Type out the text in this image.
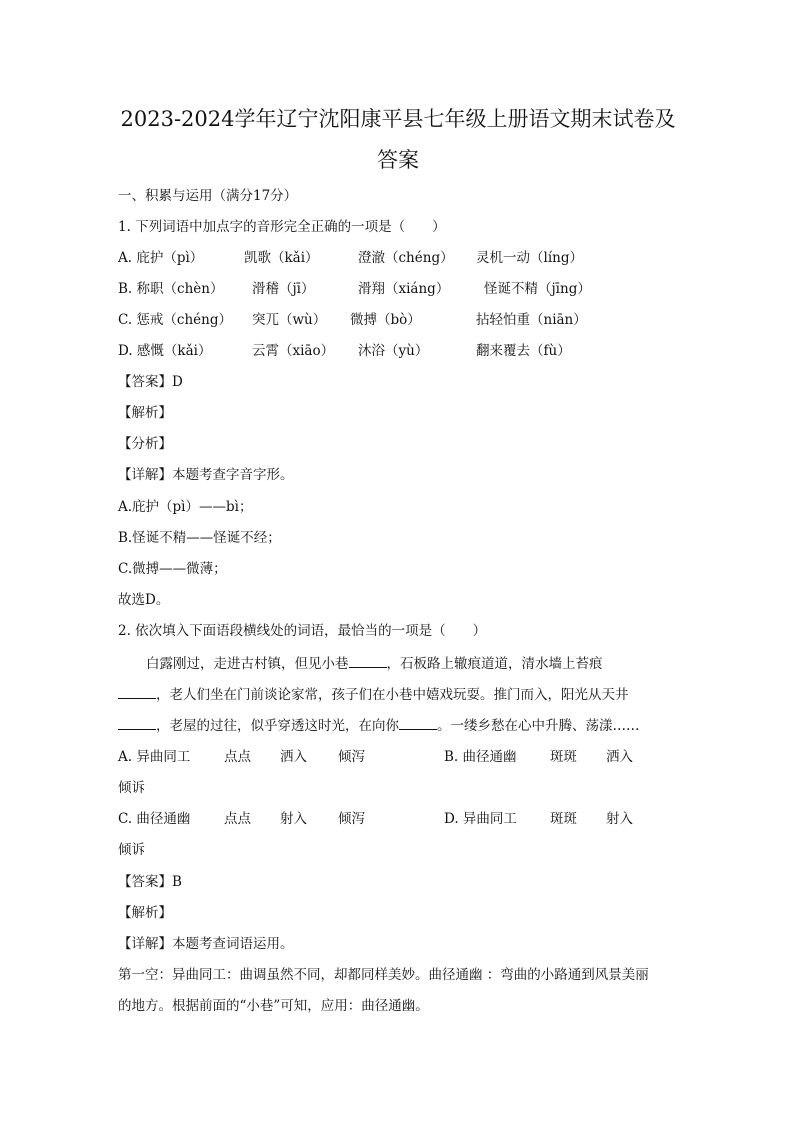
2023-2024学年辽宁沈阳康平县七年级上册语文期末试卷及
答案
一、积累与运用（满分17分）
1. 下列词语中加点字的音形完全正确的一项是（　　）
A. 庇护（pì）	凯歌（kǎi）	澄澈（chéng） 灵机一动（líng）
B. 称职（chèn） 滑稽（jī）	滑翔（xiáng）	怪诞不精（jīng）
C. 惩戒（chéng） 突兀（wù） 微搏（bò）	拈轻怕重（niān）
D. 感慨（kǎi）	云霄（xiāo） 沐浴（yù）	翻来覆去（fù）
【答案】D
【解析】
【分析】
【详解】本题考查字音字形。
A.庇护（pì）——bì；
B.怪诞不精——怪诞不经；
C.微搏——微薄；
故选D。
2. 依次填入下面语段横线处的词语，最恰当的一项是（　　）
白露刚过，走进古村镇，但见小巷	，石板路上辙痕道道，清水墙上苔痕
，老人们坐在门前谈论家常，孩子们在小巷中嬉戏玩耍。推门而入，阳光从天井
，老屋的过往，似乎穿透这时光，在向你	。一缕乡愁在心中升腾、荡漾……
A. 异曲同工 点点 洒入 倾泻	B. 曲径通幽 斑斑 洒入
倾诉
C. 曲径通幽 点点 射入 倾泻	D. 异曲同工 斑斑 射入
倾诉
【答案】B
【解析】
【详解】本题考查词语运用。
第一空：异曲同工：曲调虽然不同，却都同样美妙。曲径通幽 ：弯曲的小路通到风景美丽
的地方。根据前面的“小巷”可知，应用：曲径通幽。
